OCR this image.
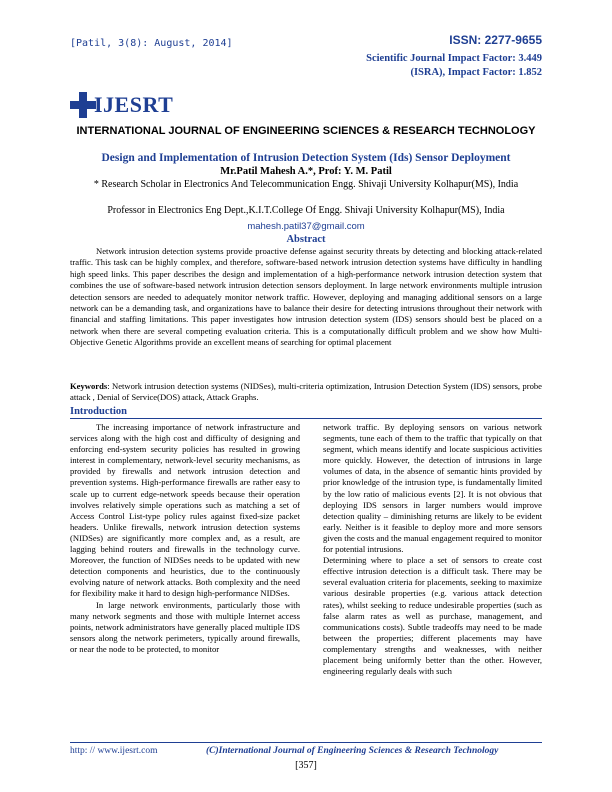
[Patil, 3(8): August, 2014]	ISSN: 2277-9655
Scientific Journal Impact Factor: 3.449
(ISRA), Impact Factor: 1.852
IJESRT
INTERNATIONAL JOURNAL OF ENGINEERING SCIENCES & RESEARCH TECHNOLOGY
Design and Implementation of Intrusion Detection System (Ids) Sensor Deployment
Mr.Patil Mahesh A.*, Prof: Y. M. Patil
* Research Scholar in Electronics And Telecommunication Engg. Shivaji University Kolhapur(MS), India
Professor in Electronics Eng Dept.,K.I.T.College Of Engg. Shivaji University Kolhapur(MS), India
mahesh.patil37@gmail.com
Abstract

Network intrusion detection systems provide proactive defense against security threats by detecting and blocking attack-related traffic. This task can be highly complex, and therefore, software-based network intrusion detection systems have difficulty in handling high speed links. This paper describes the design and implementation of a high-performance network intrusion detection system that combines the use of software-based network intrusion detection sensors deployment. In large network environments multiple intrusion detection sensors are needed to adequately monitor network traffic. However, deploying and managing additional sensors on a large network can be a demanding task, and organizations have to balance their desire for detecting intrusions throughout their network with financial and staffing limitations. This paper investigates how intrusion detection system (IDS) sensors should best be placed on a network when there are several competing evaluation criteria. This is a computationally difficult problem and we show how Multi-Objective Genetic Algorithms provide an excellent means of searching for optimal placement

Keywords: Network intrusion detection systems (NIDSes), multi-criteria optimization, Intrusion Detection System (IDS) sensors, probe attack , Denial of Service(DOS) attack, Attack Graphs.

Introduction

The increasing importance of network infrastructure and services along with the high cost and difficulty of designing and enforcing end-system security policies has resulted in growing interest in complementary, network-level security mechanisms, as provided by firewalls and network intrusion detection and prevention systems. High-performance firewalls are rather easy to scale up to current edge-network speeds because their operation involves relatively simple operations such as matching a set of Access Control List-type policy rules against fixed-size packet headers. Unlike firewalls, network intrusion detection systems (NIDSes) are significantly more complex and, as a result, are lagging behind routers and firewalls in the technology curve. Moreover, the function of NIDSes needs to be updated with new detection components and heuristics, due to the continuously evolving nature of network attacks. Both complexity and the need for flexibility make it hard to design high-performance NIDSes.

In large network environments, particularly those with many network segments and those with multiple Internet access points, network administrators have generally placed multiple IDS sensors along the network perimeters, typically around firewalls, or near the node to be protected, to monitor

network traffic. By deploying sensors on various network segments, tune each of them to the traffic that typically on that segment, which means identify and locate suspicious activities more quickly. However, the detection of intrusions in large volumes of data, in the absence of semantic hints provided by prior knowledge of the intrusion type, is fundamentally limited by the low ratio of malicious events [2]. It is not obvious that deploying IDS sensors in larger numbers would improve detection quality – diminishing returns are likely to be evident early. Neither is it feasible to deploy more and more sensors given the costs and the manual engagement required to monitor for potential intrusions.

Determining where to place a set of sensors to create cost effective intrusion detection is a difficult task. There may be several evaluation criteria for placements, seeking to maximize various desirable properties (e.g. various attack detection rates), whilst seeking to reduce undesirable properties (such as false alarm rates as well as purchase, management, and communications costs). Subtle tradeoffs may need to be made between the properties; different placements may have complementary strengths and weaknesses, with neither placement being uniformly better than the other. However, engineering regularly deals with such

http: // www.ijesrt.com	(C)International Journal of Engineering Sciences & Research Technology
[357]
